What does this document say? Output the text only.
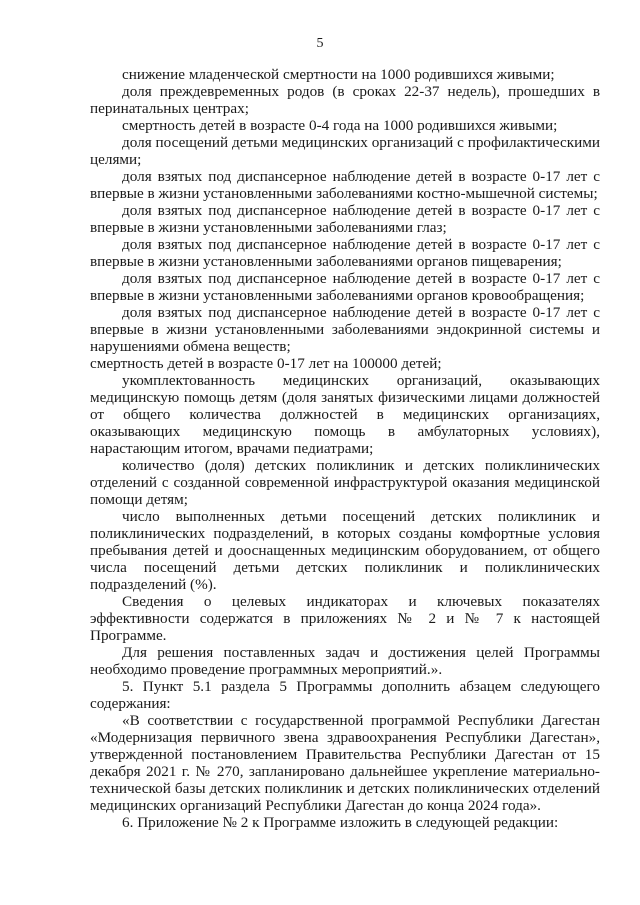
5

снижение младенческой смертности на 1000 родившихся живыми;

доля преждевременных родов (в сроках 22-37 недель), прошедших в перинатальных центрах;

смертность детей в возрасте 0-4 года на 1000 родившихся живыми;

доля посещений детьми медицинских организаций с профилактическими целями;

доля взятых под диспансерное наблюдение детей в возрасте 0-17 лет с впервые в жизни установленными заболеваниями костно-мышечной системы;

доля взятых под диспансерное наблюдение детей в возрасте 0-17 лет с впервые в жизни установленными заболеваниями глаз;

доля взятых под диспансерное наблюдение детей в возрасте 0-17 лет с впервые в жизни установленными заболеваниями органов пищеварения;

доля взятых под диспансерное наблюдение детей в возрасте 0-17 лет с впервые в жизни установленными заболеваниями органов кровообращения;

доля взятых под диспансерное наблюдение детей в возрасте 0-17 лет с впервые в жизни установленными заболеваниями эндокринной системы и нарушениями обмена веществ;

смертность детей в возрасте 0-17 лет на 100000 детей;

укомплектованность медицинских организаций, оказывающих медицинскую помощь детям (доля занятых физическими лицами должностей от общего количества должностей в медицинских организациях, оказывающих медицинскую помощь в амбулаторных условиях), нарастающим итогом, врачами педиатрами;

количество (доля) детских поликлиник и детских поликлинических отделений с созданной современной инфраструктурой оказания медицинской помощи детям;

число выполненных детьми посещений детских поликлиник и поликлинических подразделений, в которых созданы комфортные условия пребывания детей и дооснащенных медицинским оборудованием, от общего числа посещений детьми детских поликлиник и поликлинических подразделений (%).

Сведения о целевых индикаторах и ключевых показателях эффективности содержатся в приложениях № 2 и № 7 к настоящей Программе.

Для решения поставленных задач и достижения целей Программы необходимо проведение программных мероприятий.».

5. Пункт 5.1 раздела 5 Программы дополнить абзацем следующего содержания:

«В соответствии с государственной программой Республики Дагестан «Модернизация первичного звена здравоохранения Республики Дагестан», утвержденной постановлением Правительства Республики Дагестан от 15 декабря 2021 г. № 270, запланировано дальнейшее укрепление материально-технической базы детских поликлиник и детских поликлинических отделений медицинских организаций Республики Дагестан до конца 2024 года».

6. Приложение № 2 к Программе изложить в следующей редакции:
